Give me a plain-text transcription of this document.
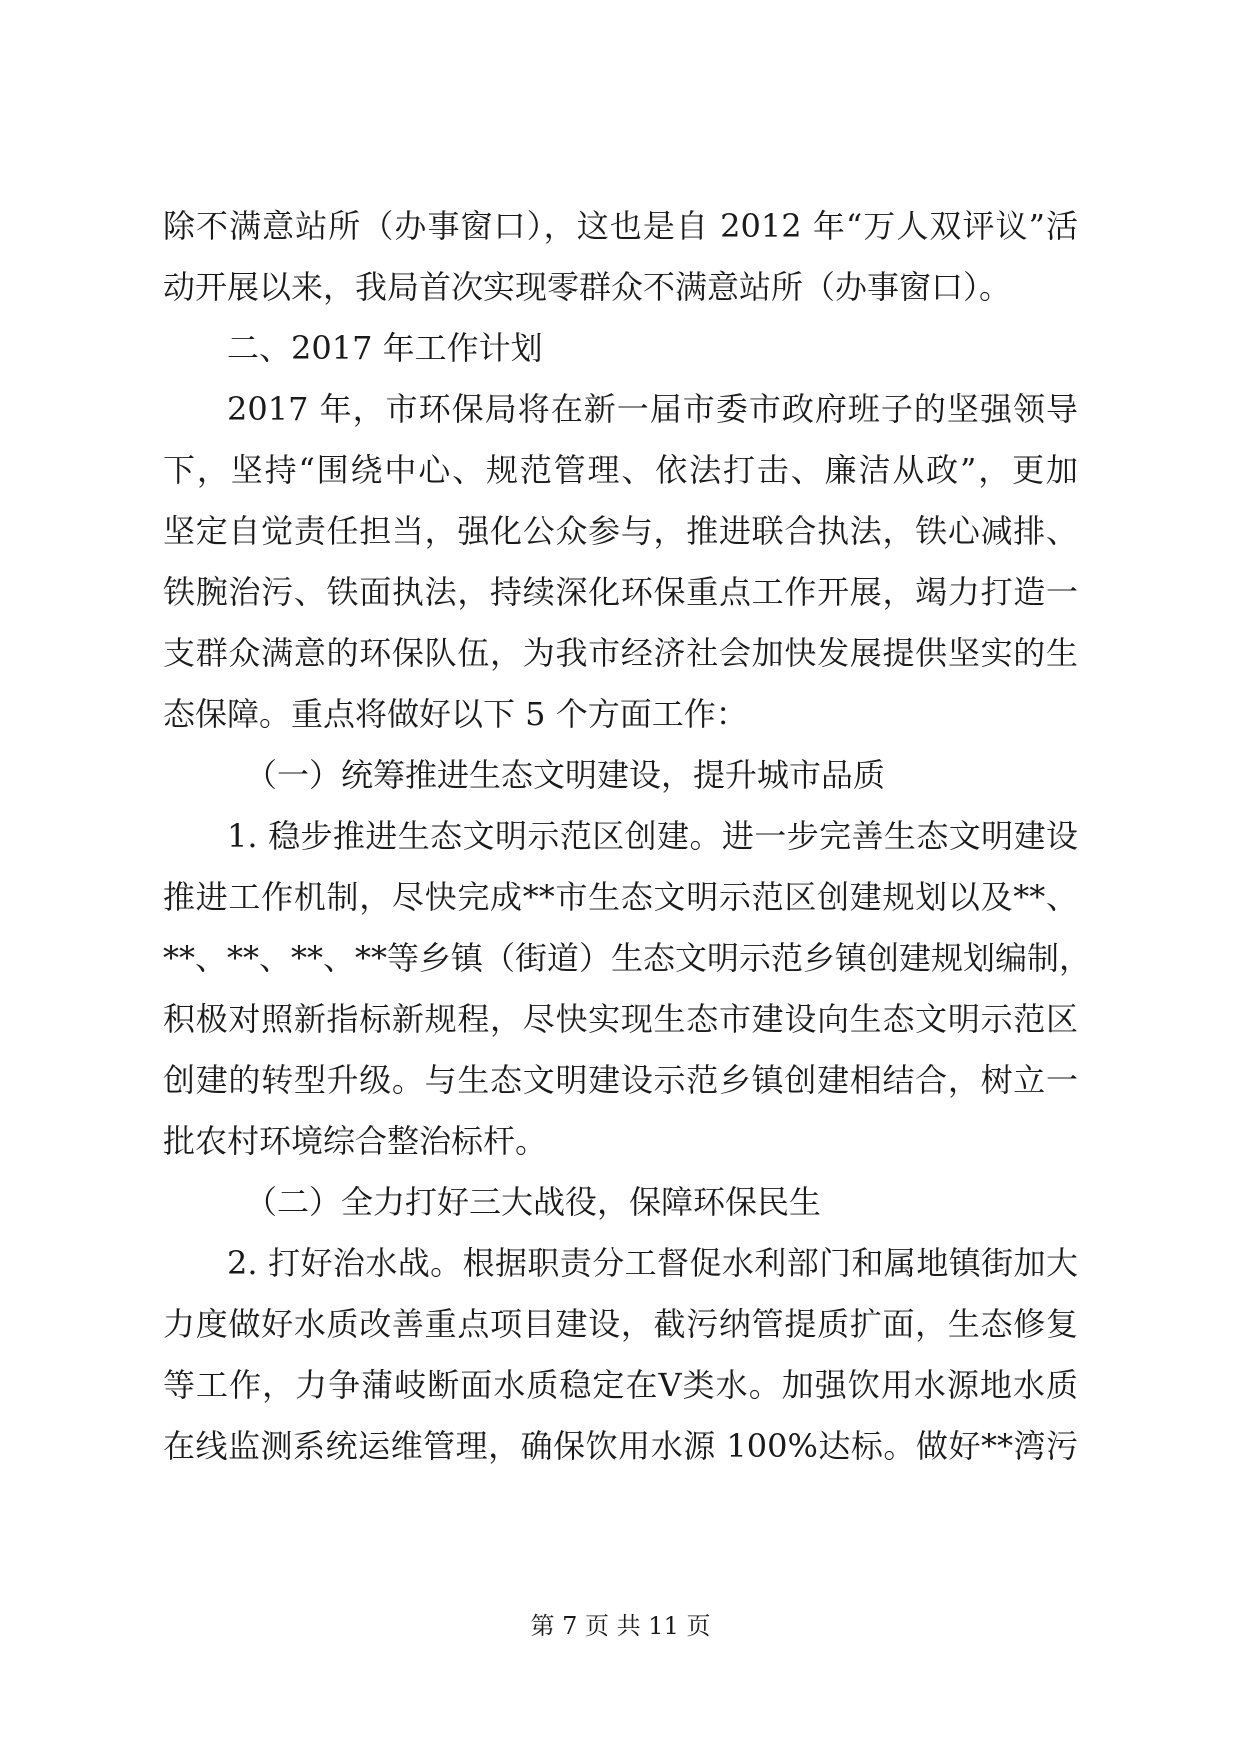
除不满意站所（办事窗口），这也是自 2012 年“万人双评议”活
动开展以来，我局首次实现零群众不满意站所（办事窗口）。
二、2017 年工作计划
2017 年，市环保局将在新一届市委市政府班子的坚强领导
下，坚持“围绕中心、规范管理、依法打击、廉洁从政”，更加
坚定自觉责任担当，强化公众参与，推进联合执法，铁心减排、
铁腕治污、铁面执法，持续深化环保重点工作开展，竭力打造一
支群众满意的环保队伍，为我市经济社会加快发展提供坚实的生
态保障。重点将做好以下 5 个方面工作：
（一）统筹推进生态文明建设，提升城市品质
1. 稳步推进生态文明示范区创建。进一步完善生态文明建设
推进工作机制，尽快完成**市生态文明示范区创建规划以及**、
**、**、**、**等乡镇（街道）生态文明示范乡镇创建规划编制，
积极对照新指标新规程，尽快实现生态市建设向生态文明示范区
创建的转型升级。与生态文明建设示范乡镇创建相结合，树立一
批农村环境综合整治标杆。
（二）全力打好三大战役，保障环保民生
2. 打好治水战。根据职责分工督促水利部门和属地镇街加大
力度做好水质改善重点项目建设，截污纳管提质扩面，生态修复
等工作，力争蒲岐断面水质稳定在Ⅴ类水。加强饮用水源地水质
在线监测系统运维管理，确保饮用水源 100%达标。做好**湾污
第 7 页 共 11 页
